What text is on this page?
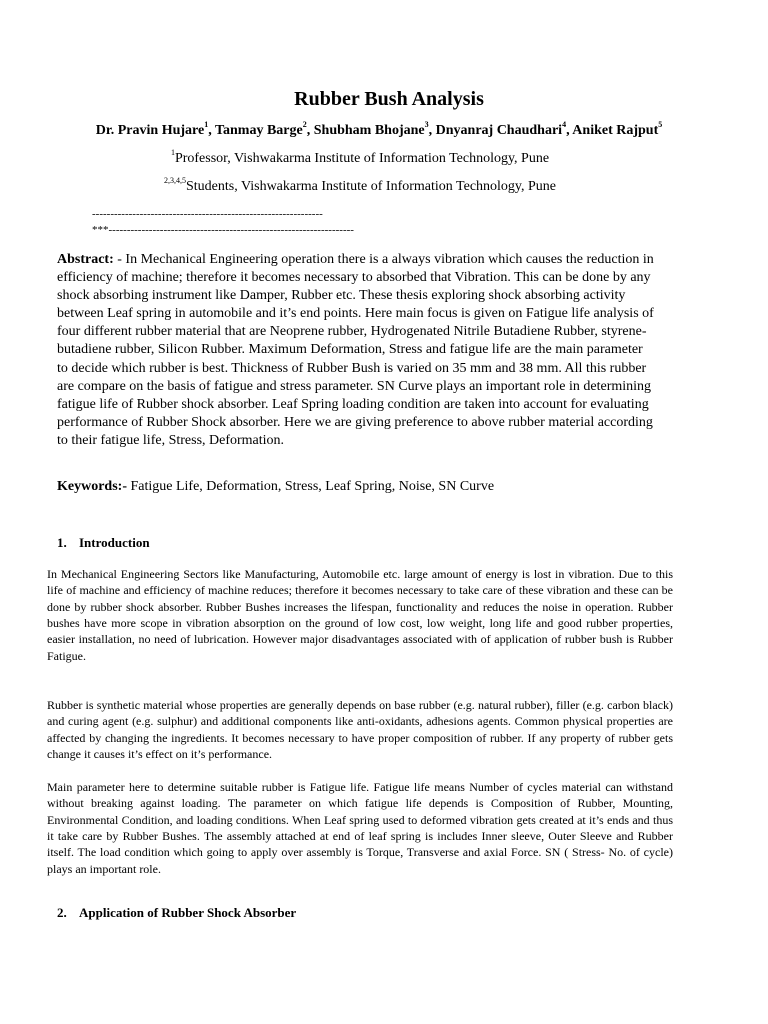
Rubber Bush Analysis
Dr. Pravin Hujare$^1$, Tanmay Barge$^2$, Shubham Bhojane$^3$, Dnyanraj Chaudhari$^4$, Aniket Rajput$^5$
$^1$Professor, Vishwakarma Institute of Information Technology, Pune
$^{2,3,4,5}$Students, Vishwakarma Institute of Information Technology, Pune
---------------------------------------------------------------
***-------------------------------------------------------------------
Abstract: - In Mechanical Engineering operation there is a always vibration which causes the reduction in efficiency of machine; therefore it becomes necessary to absorbed that Vibration. This can be done by any shock absorbing instrument like Damper, Rubber etc. These thesis exploring shock absorbing activity between Leaf spring in automobile and it’s end points. Here main focus is given on Fatigue life analysis of four different rubber material that are Neoprene rubber, Hydrogenated Nitrile Butadiene Rubber, styrene-butadiene rubber, Silicon Rubber. Maximum Deformation, Stress and fatigue life are the main parameter to decide which rubber is best. Thickness of Rubber Bush is varied on 35 mm and 38 mm. All this rubber are compare on the basis of fatigue and stress parameter. SN Curve plays an important role in determining fatigue life of Rubber shock absorber. Leaf Spring loading condition are taken into account for evaluating performance of Rubber Shock absorber. Here we are giving preference to above rubber material according to their fatigue life, Stress, Deformation.
Keywords:- Fatigue Life, Deformation, Stress, Leaf Spring, Noise, SN Curve
1. Introduction
In Mechanical Engineering Sectors like Manufacturing, Automobile etc. large amount of energy is lost in vibration. Due to this life of machine and efficiency of machine reduces; therefore it becomes necessary to take care of these vibration and these can be done by rubber shock absorber. Rubber Bushes increases the lifespan, functionality and reduces the noise in operation. Rubber bushes have more scope in vibration absorption on the ground of low cost, low weight, long life and good rubber properties, easier installation, no need of lubrication. However major disadvantages associated with of application of rubber bush is Rubber Fatigue.
Rubber is synthetic material whose properties are generally depends on base rubber (e.g. natural rubber), filler (e.g. carbon black) and curing agent (e.g. sulphur) and additional components like anti-oxidants, adhesions agents. Common physical properties are affected by changing the ingredients. It becomes necessary to have proper composition of rubber. If any property of rubber gets change it causes it’s effect on it’s performance.
Main parameter here to determine suitable rubber is Fatigue life. Fatigue life means Number of cycles material can withstand without breaking against loading. The parameter on which fatigue life depends is Composition of Rubber, Mounting, Environmental Condition, and loading conditions. When Leaf spring used to deformed vibration gets created at it’s ends and thus it take care by Rubber Bushes. The assembly attached at end of leaf spring is includes Inner sleeve, Outer Sleeve and Rubber itself. The load condition which going to apply over assembly is Torque, Transverse and axial Force. SN ( Stress- No. of cycle) plays an important role.
2. Application of Rubber Shock Absorber
